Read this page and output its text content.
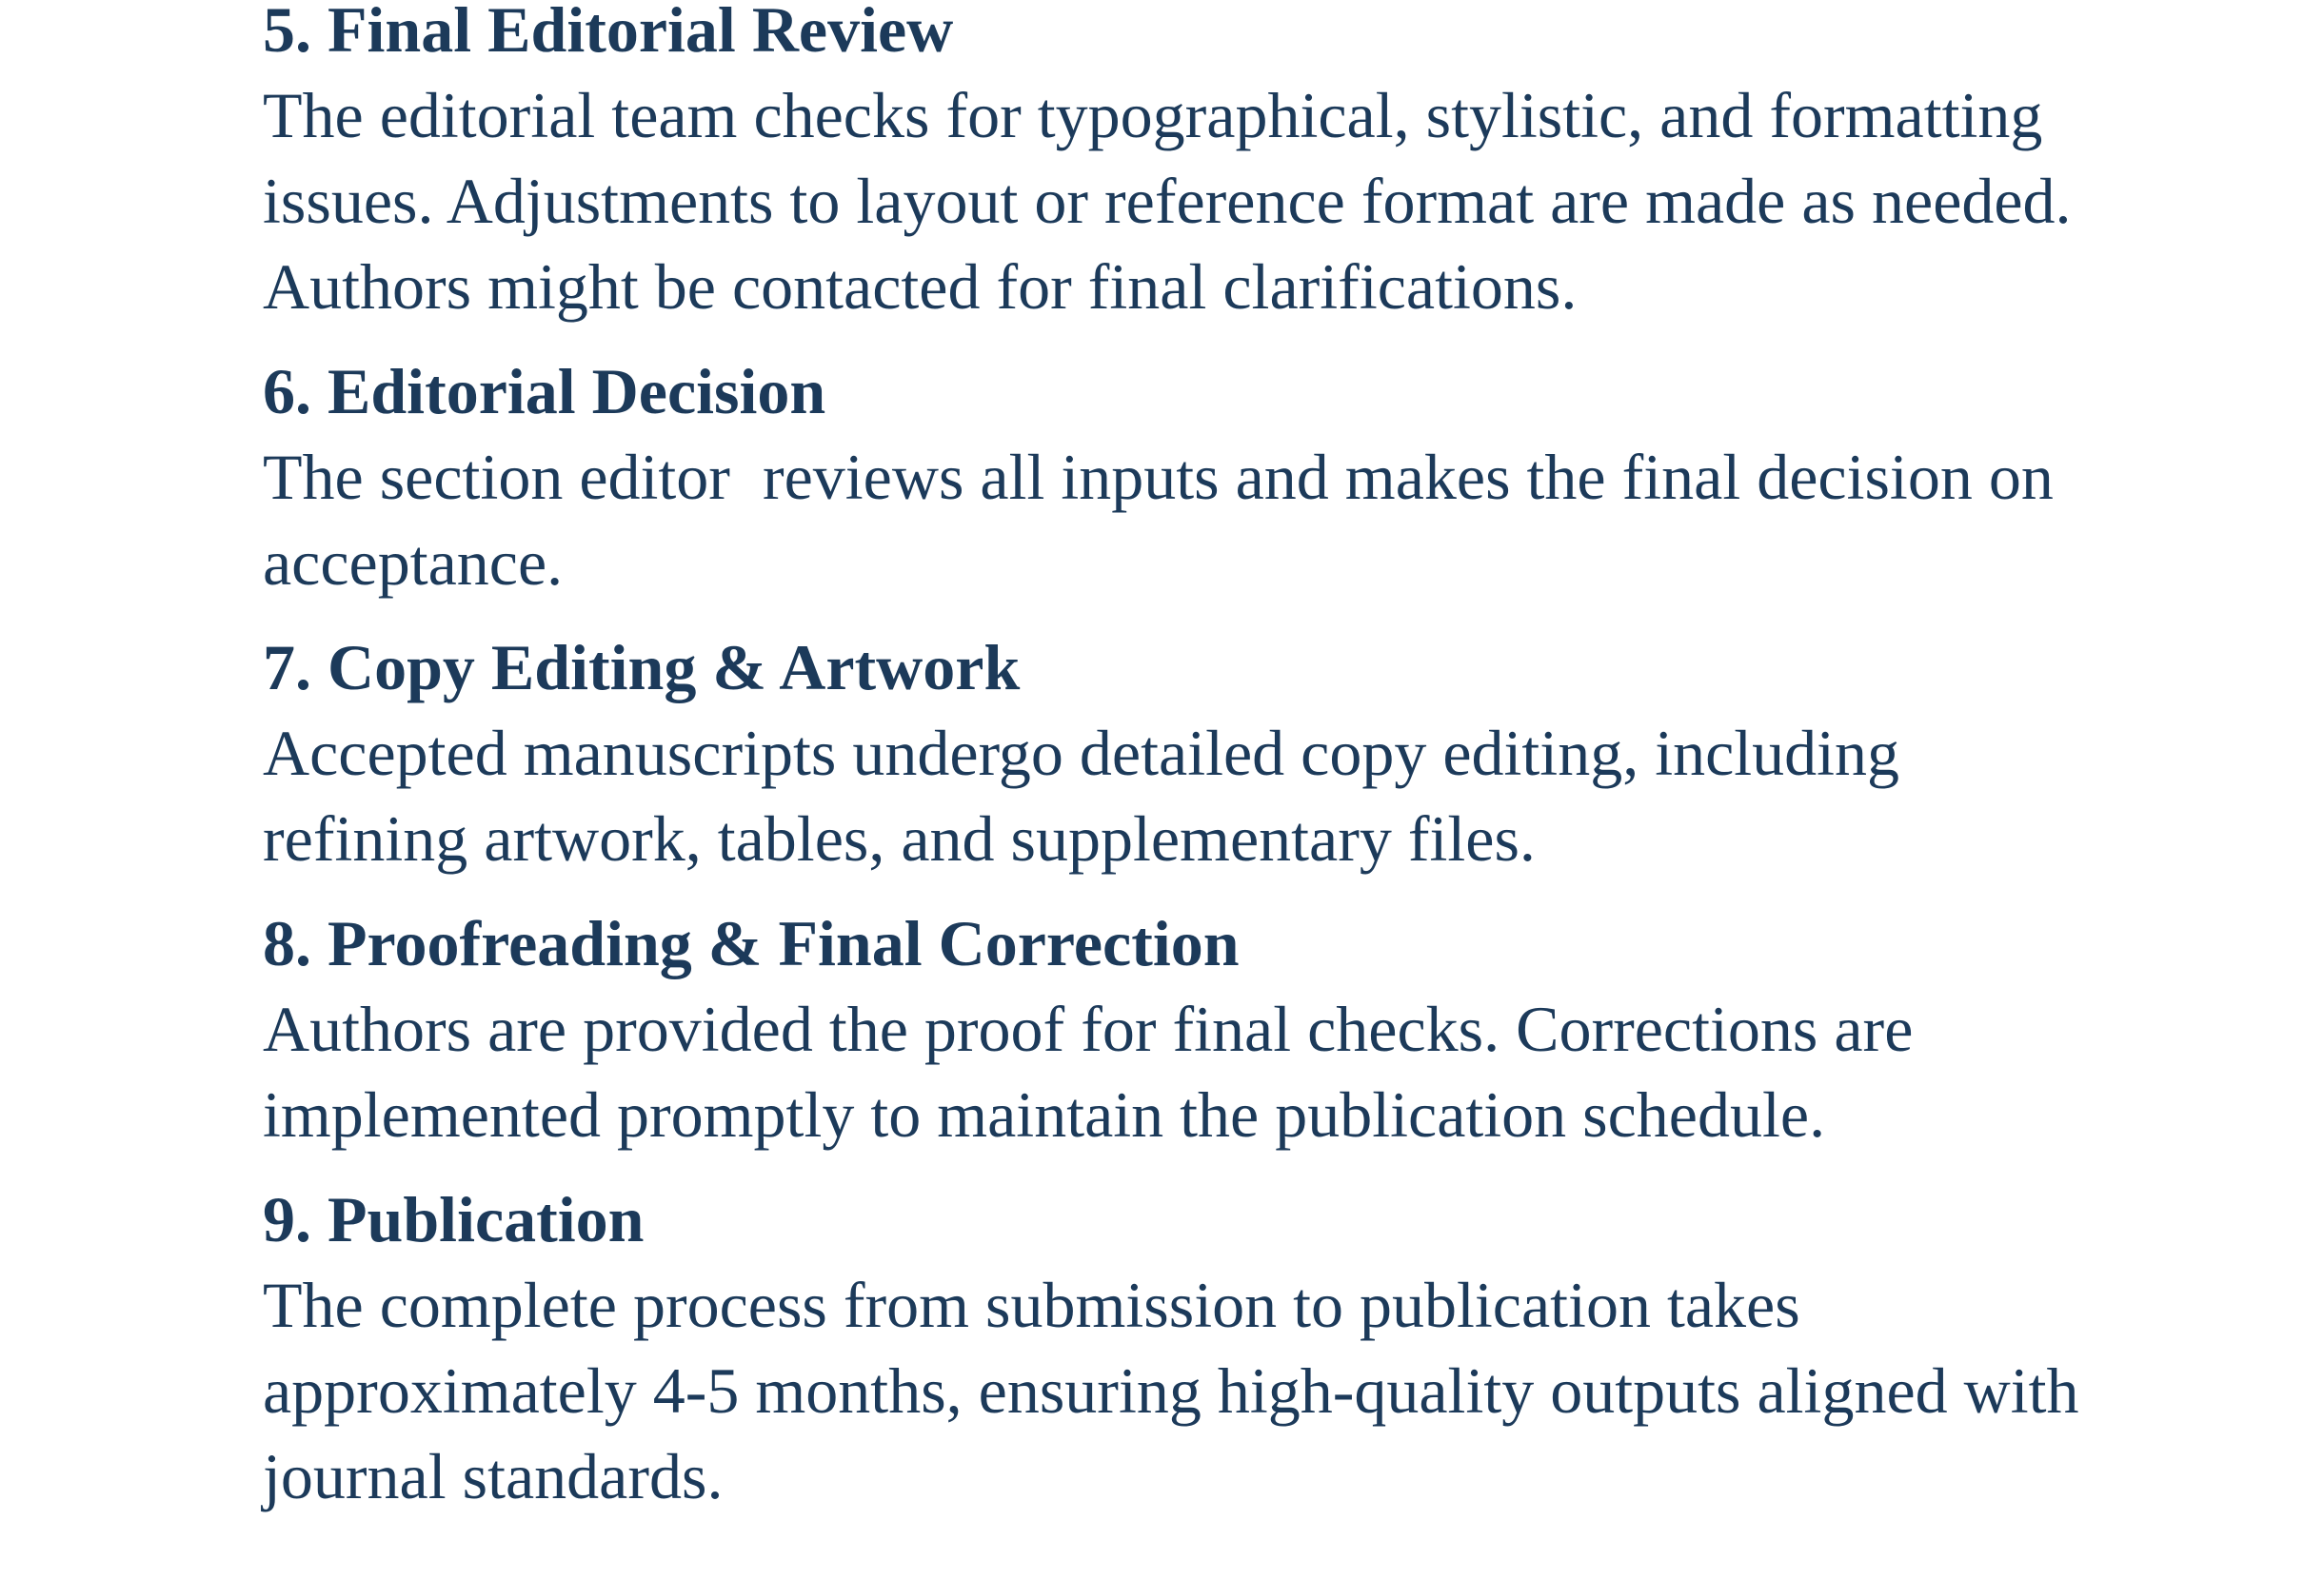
5. Final Editorial Review
The editorial team checks for typographical, stylistic, and formatting
issues. Adjustments to layout or reference format are made as needed.
Authors might be contacted for final clarifications.
6. Editorial Decision
The section editor  reviews all inputs and makes the final decision on
acceptance.
7. Copy Editing & Artwork
Accepted manuscripts undergo detailed copy editing, including
refining artwork, tables, and supplementary files.
8. Proofreading & Final Correction
Authors are provided the proof for final checks. Corrections are
implemented promptly to maintain the publication schedule.
9. Publication
The complete process from submission to publication takes
approximately 4-5 months, ensuring high-quality outputs aligned with
journal standards.
